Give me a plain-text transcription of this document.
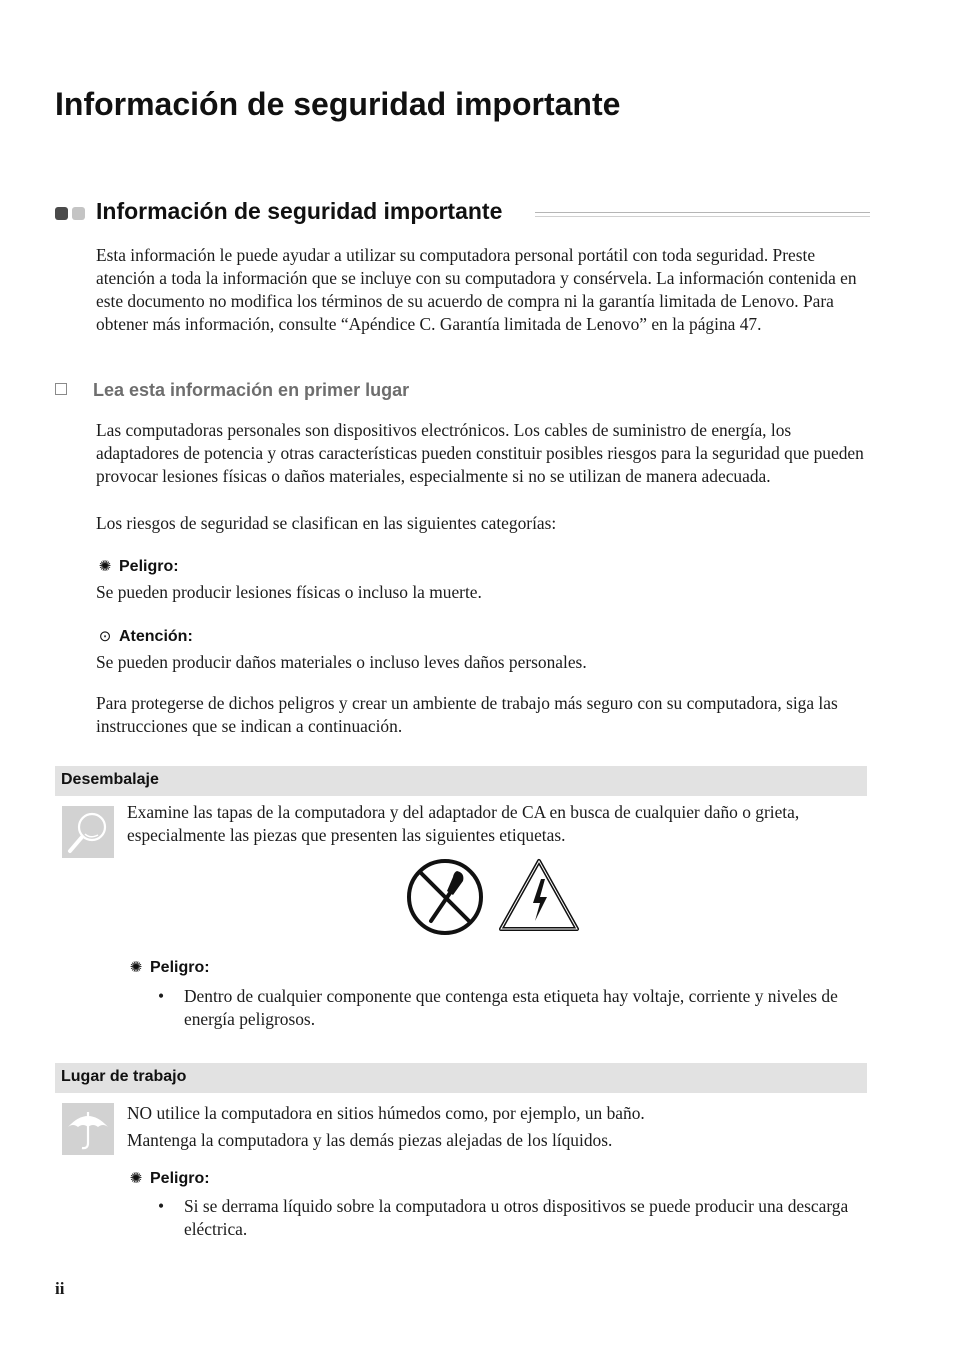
Información de seguridad importante
Información de seguridad importante
Esta información le puede ayudar a utilizar su computadora personal portátil con toda seguridad. Preste atención a toda la información que se incluye con su computadora y consérvela. La información contenida en este documento no modifica los términos de su acuerdo de compra ni la garantía limitada de Lenovo. Para obtener más información, consulte “Apéndice C. Garantía limitada de Lenovo” en la página 47.
Lea esta información en primer lugar
Las computadoras personales son dispositivos electrónicos. Los cables de suministro de energía, los adaptadores de potencia y otras características pueden constituir posibles riesgos para la seguridad que pueden provocar lesiones físicas o daños materiales, especialmente si no se utilizan de manera adecuada.
Los riesgos de seguridad se clasifican en las siguientes categorías:
✺ Peligro:
Se pueden producir lesiones físicas o incluso la muerte.
⊙ Atención:
Se pueden producir daños materiales o incluso leves daños personales.
Para protegerse de dichos peligros y crear un ambiente de trabajo más seguro con su computadora, siga las instrucciones que se indican a continuación.
Desembalaje
Examine las tapas de la computadora y del adaptador de CA en busca de cualquier daño o grieta, especialmente las piezas que presenten las siguientes etiquetas.
✺ Peligro:
• Dentro de cualquier componente que contenga esta etiqueta hay voltaje, corriente y niveles de energía peligrosos.
Lugar de trabajo
NO utilice la computadora en sitios húmedos como, por ejemplo, un baño.
Mantenga la computadora y las demás piezas alejadas de los líquidos.
✺ Peligro:
• Si se derrama líquido sobre la computadora u otros dispositivos se puede producir una descarga eléctrica.
ii
